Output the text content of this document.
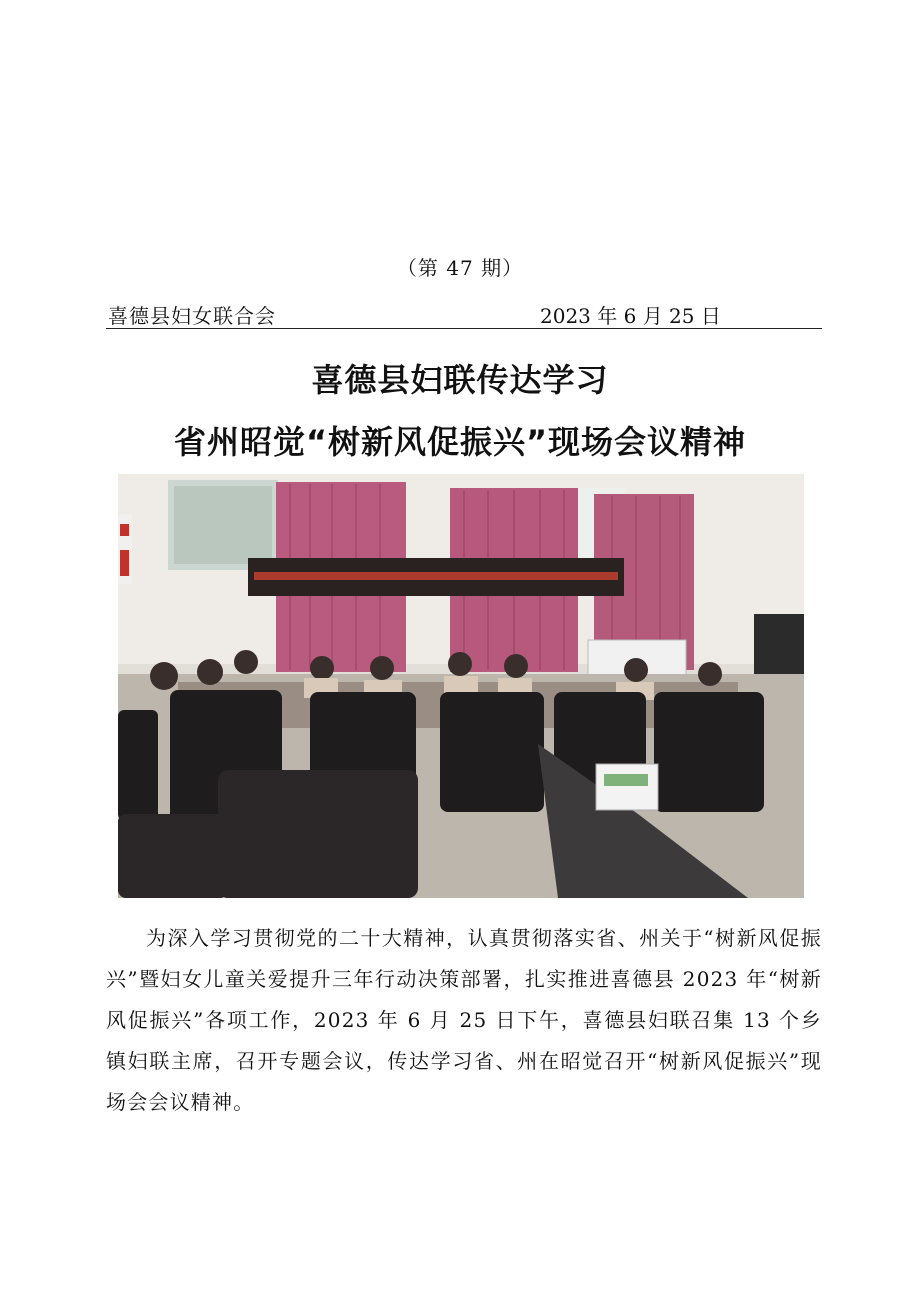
（第 47 期）
喜德县妇女联合会	2023 年 6 月 25 日
喜德县妇联传达学习
省州昭觉“树新风促振兴”现场会议精神

为深入学习贯彻党的二十大精神，认真贯彻落实省、州关于“树新风促振兴”暨妇女儿童关爱提升三年行动决策部署，扎实推进喜德县 2023 年“树新风促振兴”各项工作，2023 年 6 月 25 日下午，喜德县妇联召集 13 个乡镇妇联主席，召开专题会议，传达学习省、州在昭觉召开“树新风促振兴”现场会会议精神。
